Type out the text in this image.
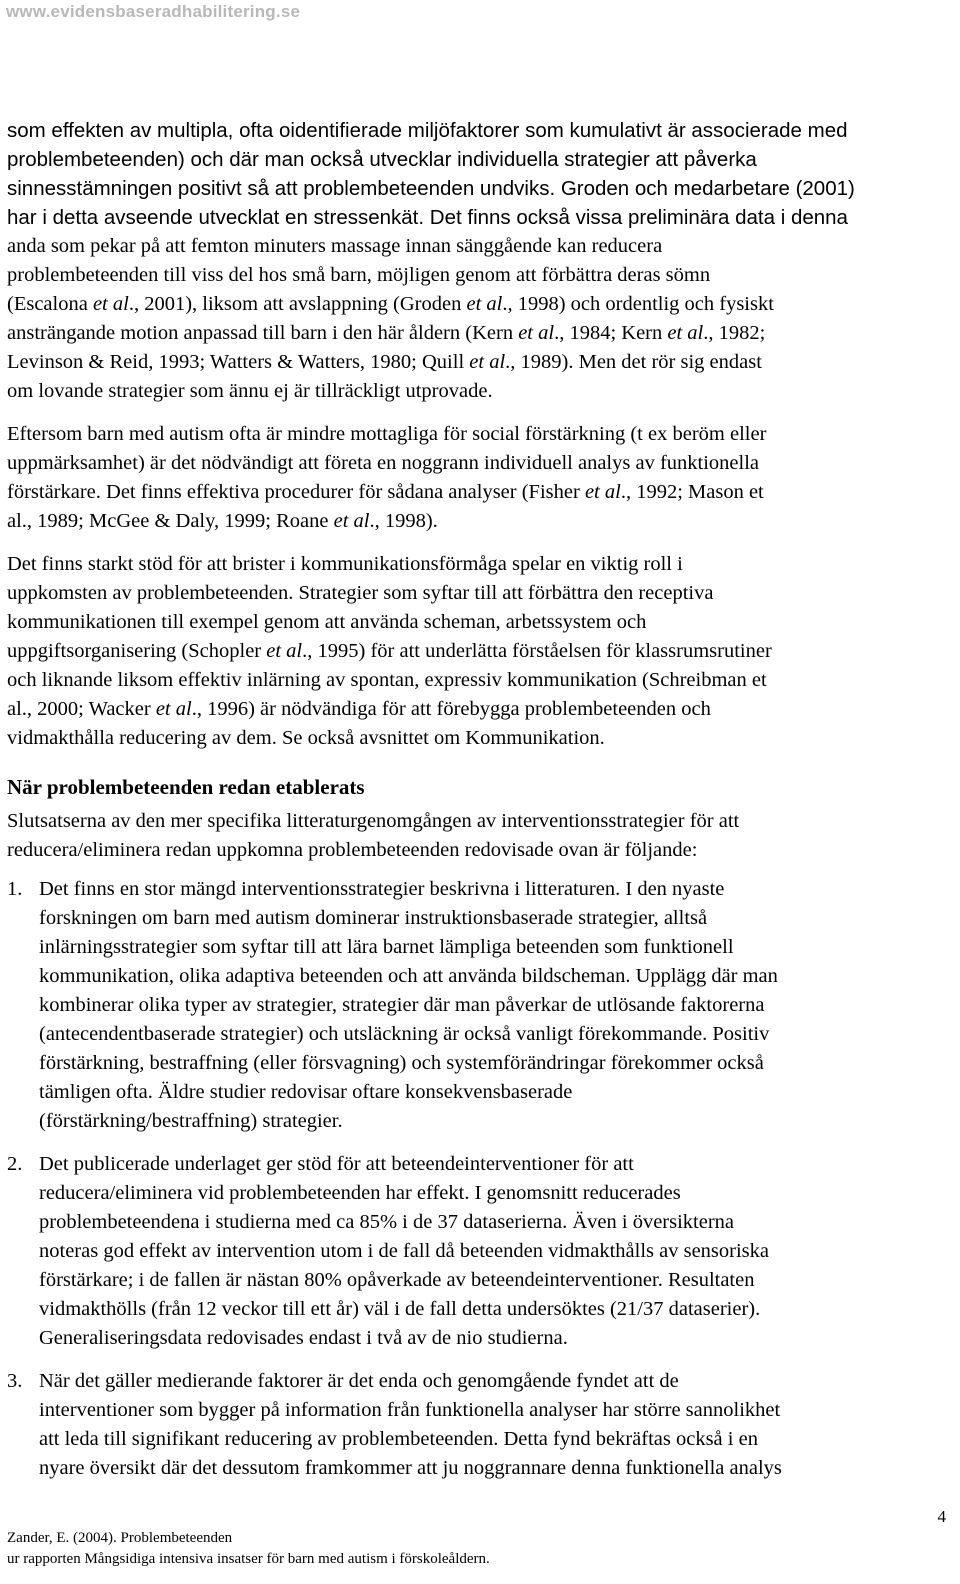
www.evidensbaseradhabilitering.se
som effekten av multipla, ofta oidentifierade miljöfaktorer som kumulativt är associerade med
problembeteenden) och där man också utvecklar individuella strategier att påverka
sinnesstämningen positivt så att problembeteenden undviks. Groden och medarbetare (2001)
har i detta avseende utvecklat en stressenkät. Det finns också vissa preliminära data i denna
anda som pekar på att femton minuters massage innan sänggående kan reducera
problembeteenden till viss del hos små barn, möjligen genom att förbättra deras sömn
(Escalona et al., 2001), liksom att avslappning (Groden et al., 1998) och ordentlig och fysiskt
ansträngande motion anpassad till barn i den här åldern (Kern et al., 1984; Kern et al., 1982;
Levinson & Reid, 1993; Watters & Watters, 1980; Quill et al., 1989). Men det rör sig endast
om lovande strategier som ännu ej är tillräckligt utprovade.
Eftersom barn med autism ofta är mindre mottagliga för social förstärkning (t ex beröm eller
uppmärksamhet) är det nödvändigt att företa en noggrann individuell analys av funktionella
förstärkare. Det finns effektiva procedurer för sådana analyser (Fisher et al., 1992; Mason et
al., 1989; McGee & Daly, 1999; Roane et al., 1998).
Det finns starkt stöd för att brister i kommunikationsförmåga spelar en viktig roll i
uppkomsten av problembeteenden. Strategier som syftar till att förbättra den receptiva
kommunikationen till exempel genom att använda scheman, arbetssystem och
uppgiftsorganisering (Schopler et al., 1995) för att underlätta förståelsen för klassrumsrutiner
och liknande liksom effektiv inlärning av spontan, expressiv kommunikation (Schreibman et
al., 2000; Wacker et al., 1996) är nödvändiga för att förebygga problembeteenden och
vidmakthålla reducering av dem. Se också avsnittet om Kommunikation.
När problembeteenden redan etablerats
Slutsatserna av den mer specifika litteraturgenomgången av interventionsstrategier för att
reducera/eliminera redan uppkomna problembeteenden redovisade ovan är följande:
1. Det finns en stor mängd interventionsstrategier beskrivna i litteraturen. I den nyaste
forskningen om barn med autism dominerar instruktionsbaserade strategier, alltså
inlärningsstrategier som syftar till att lära barnet lämpliga beteenden som funktionell
kommunikation, olika adaptiva beteenden och att använda bildscheman. Upplägg där man
kombinerar olika typer av strategier, strategier där man påverkar de utlösande faktorerna
(antecendentbaserade strategier) och utsläckning är också vanligt förekommande. Positiv
förstärkning, bestraffning (eller försvagning) och systemförändringar förekommer också
tämligen ofta. Äldre studier redovisar oftare konsekvensbaserade
(förstärkning/bestraffning) strategier.
2. Det publicerade underlaget ger stöd för att beteendeinterventioner för att
reducera/eliminera vid problembeteenden har effekt. I genomsnitt reducerades
problembeteendena i studierna med ca 85% i de 37 dataserierna. Även i översikterna
noteras god effekt av intervention utom i de fall då beteenden vidmakthålls av sensoriska
förstärkare; i de fallen är nästan 80% opåverkade av beteendeinterventioner. Resultaten
vidmakthölls (från 12 veckor till ett år) väl i de fall detta undersöktes (21/37 dataserier).
Generaliseringsdata redovisades endast i två av de nio studierna.
3. När det gäller medierande faktorer är det enda och genomgående fyndet att de
interventioner som bygger på information från funktionella analyser har större sannolikhet
att leda till signifikant reducering av problembeteenden. Detta fynd bekräftas också i en
nyare översikt där det dessutom framkommer att ju noggrannare denna funktionella analys
Zander, E. (2004). Problembeteenden
ur rapporten Mångsidiga intensiva insatser för barn med autism i förskoleåldern.
4
